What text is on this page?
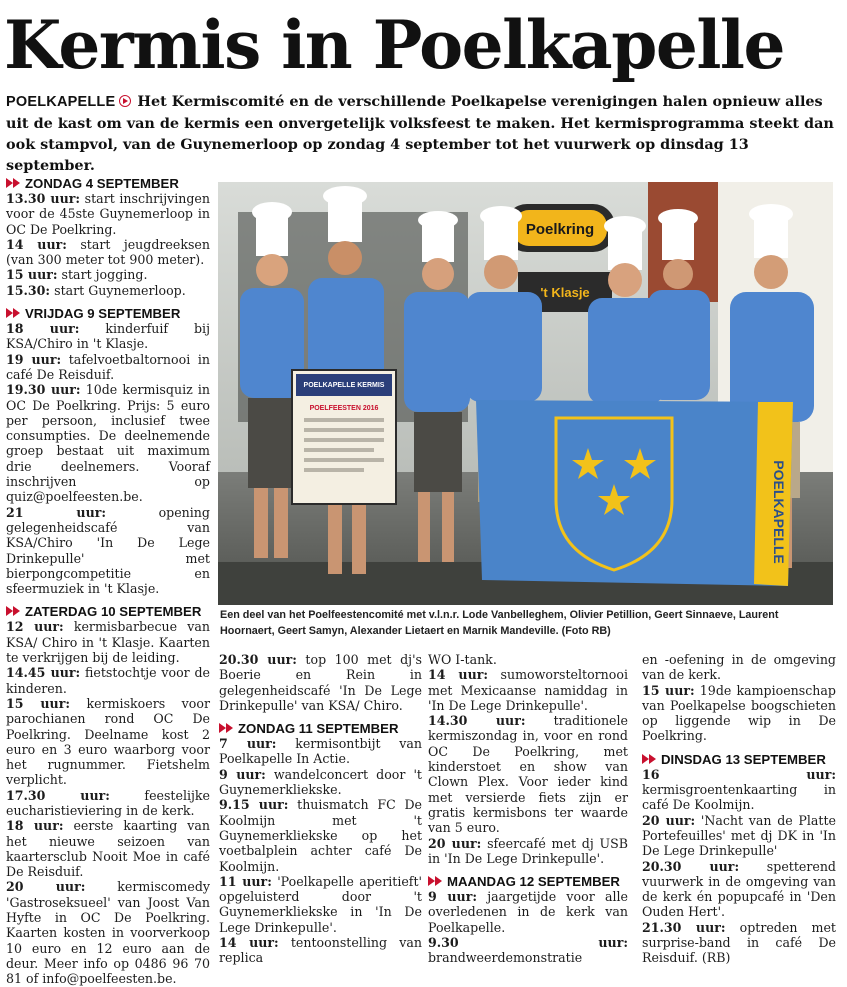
Kermis in Poelkapelle
POELKAPELLE Het Kermiscomité en de verschillende Poelkapelse verenigingen halen opnieuw alles uit de kast om van de kermis een onvergetelijk volksfeest te maken. Het kermisprogramma steekt dan ook stampvol, van de Guynemerloop op zondag 4 september tot het vuurwerk op dinsdag 13 september.
ZONDAG 4 SEPTEMBER

13.30 uur: start inschrijvingen voor de 45ste Guynemerloop in OC De Poelkring.

14 uur: start jeugdreeksen (van 300 meter tot 900 meter).

15 uur: start jogging.

15.30: start Guynemerloop.

VRIJDAG 9 SEPTEMBER

18 uur: kinderfuif bij KSA/Chiro in 't Klasje.

19 uur: tafelvoetbaltornooi in café De Reisduif.

19.30 uur: 10de kermisquiz in OC De Poelkring. Prijs: 5 euro per persoon, inclusief twee consumpties. De deelnemende groep bestaat uit maximum drie deelnemers. Vooraf inschrijven op quiz@poelfeesten.be.

21 uur:	opening gelegenheidscafé van KSA/Chiro 'In De Lege Drinkepulle' met bierpongcompetitie en sfeermuziek in 't Klasje.

ZATERDAG 10 SEPTEMBER

12 uur: kermisbarbecue van KSA/ Chiro in 't Klasje. Kaarten te verkrijgen bij de leiding.

14.45 uur: fietstochtje voor de kinderen.

15 uur: kermiskoers voor parochianen rond OC De Poelkring. Deelname kost 2 euro en 3 euro waarborg voor het rugnummer. Fietshelm verplicht.

17.30 uur:	feestelijke eucharistieviering in de kerk.

18 uur: eerste kaarting van het nieuwe seizoen van kaartersclub Nooit Moe in café De Reisduif.

20 uur:	kermiscomedy 'Gastroseksueel' van Joost Van Hyfte in OC De Poelkring. Kaarten kosten in voorverkoop 10 euro en 12 euro aan de deur. Meer info op 0486 96 70 81 of info@poelfeesten.be.

Poelkring
't Klasje
POELKAPELLE KERMIS
POELFEESTEN 2016
POELKAPELLE
Een deel van het Poelfeestencomité met v.l.n.r. Lode Vanbelleghem, Olivier Petillion, Geert Sinnaeve, Laurent Hoornaert, Geert Samyn, Alexander Lietaert en Marnik Mandeville. (Foto RB)

20.30 uur: top 100 met dj's Boerie en Rein in gelegenheidscafé 'In De Lege Drinkepulle' van KSA/ Chiro.

ZONDAG 11 SEPTEMBER

7 uur: kermisontbijt van Poelkapelle In Actie.

9 uur: wandelconcert door 't Guynemerkliekske.

9.15 uur: thuismatch FC De Koolmijn met 't Guynemerkliekske op het voetbalplein achter café De Koolmijn.

11 uur: 'Poelkapelle aperitieft' opgeluisterd door 't Guynemerkliekske in 'In De Lege Drinkepulle'.

14 uur: tentoonstelling van replica

WO I-tank.

14 uur: sumoworsteltornooi met Mexicaanse namiddag in 'In De Lege Drinkepulle'.

14.30 uur: traditionele kermiszondag in, voor en rond OC De Poelkring, met kinderstoet en show van Clown Plex. Voor ieder kind met versierde fiets zijn er gratis kermisbons ter waarde van 5 euro.

20 uur: sfeercafé met dj USB in 'In De Lege Drinkepulle'.

MAANDAG 12 SEPTEMBER

9 uur: jaargetijde voor alle overledenen in de kerk van Poelkapelle.

9.30 uur: brandweerdemonstratie

en -oefening in de omgeving van de kerk.

15 uur: 19de kampioenschap van Poelkapelse boogschieten op liggende wip in De Poelkring.

DINSDAG 13 SEPTEMBER

16 uur: kermisgroentenkaarting in café De Koolmijn.

20 uur: 'Nacht van de Platte Portefeuilles' met dj DK in 'In De Lege Drinkepulle'

20.30 uur: spetterend vuurwerk in de omgeving van de kerk én popupcafé in 'Den Ouden Hert'.

21.30 uur: optreden met surprise-band in café De Reisduif. (RB)
